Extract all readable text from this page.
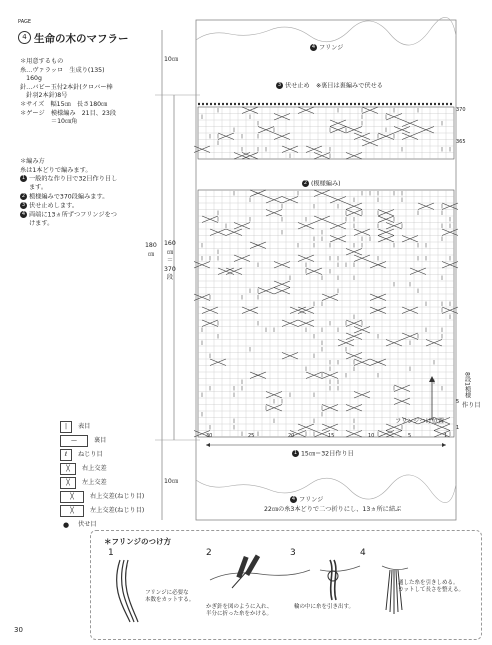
PAGE
4 生命の木のマフラー
＊用意するもの
糸…ヴァラッロ　生成り(135)
　160g
針…バビー玉付2本針(クロバー棒
　針羽2本針)8号
＊サイズ　幅15㎝　長さ180㎝
＊ゲージ　模様編み　21目、23段
　　　　　＝10㎝角
＊編み方
糸は1本どりで編みます。
1 一般的な作り目で32目作り目し
ます。
2 模様編みで370段編みます。
3 伏せ止めします。
4 両端に13ヵ所ずつフリンジをつ
けます。
|	表目
—	裏目
ℓ	ねじり目
╳	右上交差
╳	左上交差
╳	右上交差(ねじり目)
╳	左上交差(ねじり目)
●	伏せ目
4 フリンジ
3 伏せ止め　 ※裏目は裏編みで伏せる
2 (模様編み)
10㎝
10㎝
180
㎝
160
㎝
＝
370
段
1 15㎝＝32目作り目
フリンジつけ位置
8段1模様
作り目
4 フリンジ
22㎝の糸3本どりで二つ折りにし、13ヵ所に結ぶ
370
365
5
1
30	25	20	15	10	5	1
＊フリンジのつけ方
1	2	3	4
フリンジに必要な
本数をカットする。
かぎ針を図のように入れ、
半分に折った糸をかける。
輪の中に糸を引き出す。
通した糸を引きしめる。
カットして長さを整える。
30
